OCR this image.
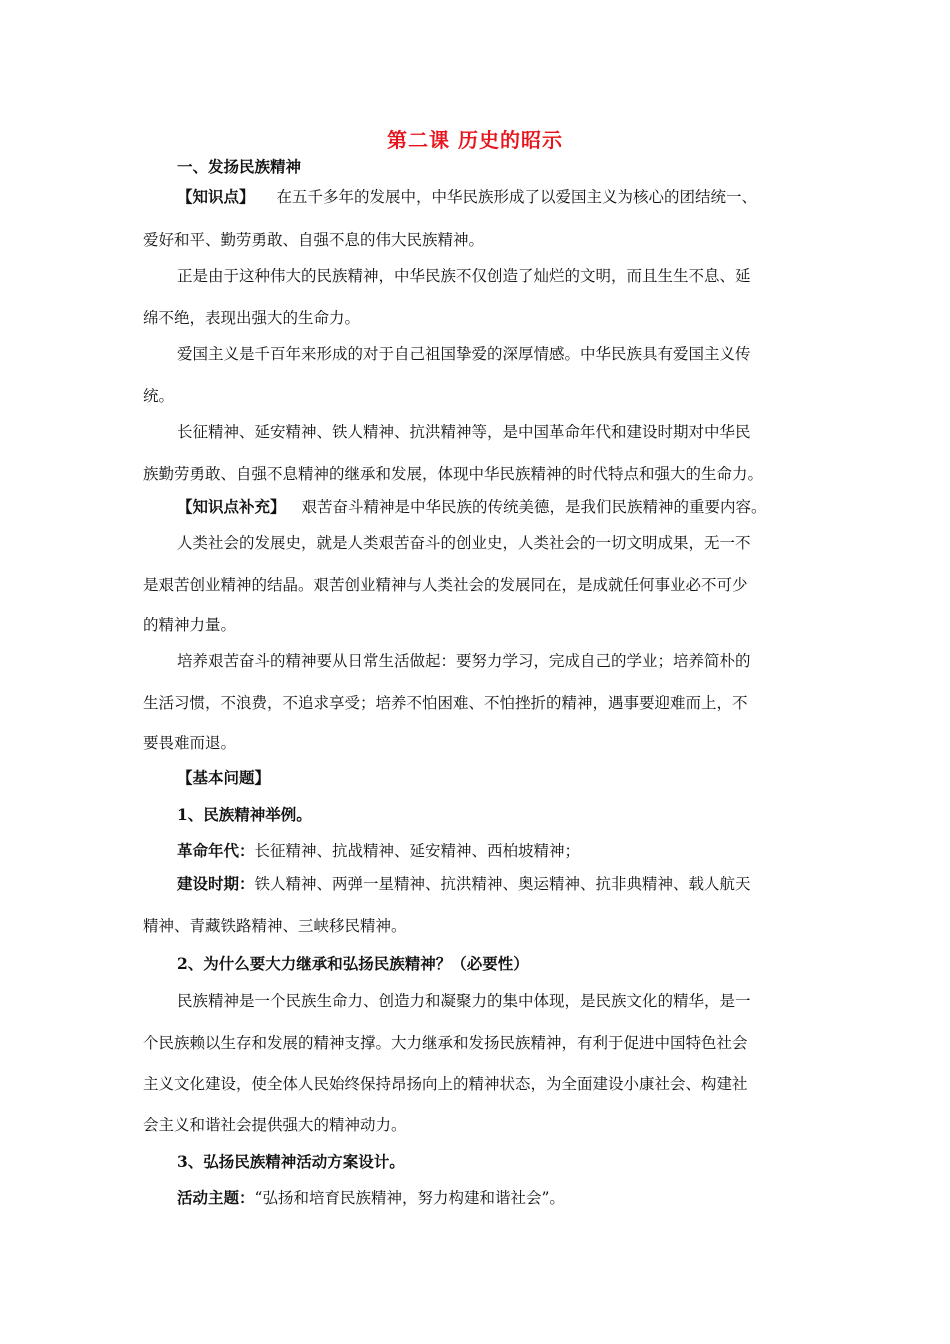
第二课 历史的昭示
一、发扬民族精神
【知识点】 在五千多年的发展中，中华民族形成了以爱国主义为核心的团结统一、
爱好和平、勤劳勇敢、自强不息的伟大民族精神。
正是由于这种伟大的民族精神，中华民族不仅创造了灿烂的文明，而且生生不息、延
绵不绝，表现出强大的生命力。
爱国主义是千百年来形成的对于自己祖国挚爱的深厚情感。中华民族具有爱国主义传
统。
长征精神、延安精神、铁人精神、抗洪精神等，是中国革命年代和建设时期对中华民
族勤劳勇敢、自强不息精神的继承和发展，体现中华民族精神的时代特点和强大的生命力。
【知识点补充】 艰苦奋斗精神是中华民族的传统美德，是我们民族精神的重要内容。
人类社会的发展史，就是人类艰苦奋斗的创业史，人类社会的一切文明成果，无一不
是艰苦创业精神的结晶。艰苦创业精神与人类社会的发展同在，是成就任何事业必不可少
的精神力量。
培养艰苦奋斗的精神要从日常生活做起：要努力学习，完成自己的学业；培养简朴的
生活习惯，不浪费，不追求享受；培养不怕困难、不怕挫折的精神，遇事要迎难而上，不
要畏难而退。
【基本问题】
1、民族精神举例。
革命年代：长征精神、抗战精神、延安精神、西柏坡精神；
建设时期：铁人精神、两弹一星精神、抗洪精神、奥运精神、抗非典精神、载人航天
精神、青藏铁路精神、三峡移民精神。
2、为什么要大力继承和弘扬民族精神？（必要性）
民族精神是一个民族生命力、创造力和凝聚力的集中体现，是民族文化的精华，是一
个民族赖以生存和发展的精神支撑。大力继承和发扬民族精神，有利于促进中国特色社会
主义文化建设，使全体人民始终保持昂扬向上的精神状态，为全面建设小康社会、构建社
会主义和谐社会提供强大的精神动力。
3、弘扬民族精神活动方案设计。
活动主题：“弘扬和培育民族精神，努力构建和谐社会”。
